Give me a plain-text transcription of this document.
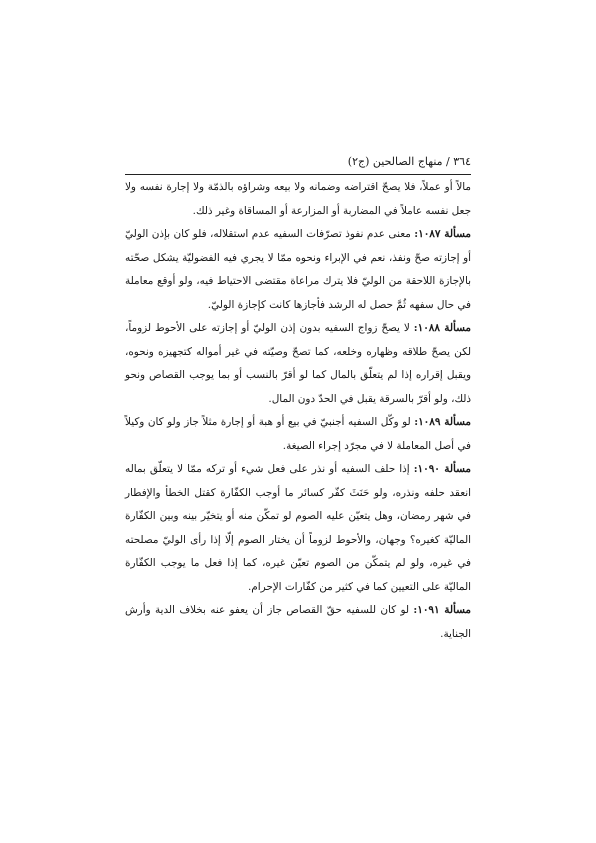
٣٦٤ / منهاج الصالحين (ج٢)

مالاً أو عملاً، فلا يصحّ اقتراضه وضمانه ولا بيعه وشراؤه بالذمّة ولا إجارة نفسه ولا جعل نفسه عاملاً في المضاربة أو المزارعة أو المساقاة وغير ذلك.

مسألة ١٠٨٧: معنى عدم نفوذ تصرّفات السفيه عدم استقلاله، فلو كان بإذن الوليّ أو إجازته صحّ ونفذ، نعم في الإبراء ونحوه ممّا لا يجري فيه الفضوليّة يشكل صحّته بالإجازة اللاحقة من الوليّ فلا يترك مراعاة مقتضى الاحتياط فيه، ولو أوقع معاملة في حال سفهه ثُمَّ حصل له الرشد فأجازها كانت كإجازة الوليّ.

مسألة ١٠٨٨: لا يصحّ زواج السفيه بدون إذن الوليّ أو إجازته على الأحوط لزوماً، لكن يصحّ طلاقه وظهاره وخلعه، كما تصحّ وصيّته في غير أمواله كتجهيزه ونحوه، ويقبل إقراره إذا لم يتعلّق بالمال كما لو أقرّ بالنسب أو بما يوجب القصاص ونحو ذلك، ولو أقرّ بالسرقة يقبل في الحدّ دون المال.

مسألة ١٠٨٩: لو وكّل السفيه أجنبيّ في بيع أو هبة أو إجارة مثلاً جاز ولو كان وكيلاً في أصل المعاملة لا في مجرّد إجراء الصيغة.

مسألة ١٠٩٠: إذا حلف السفيه أو نذر على فعل شيء أو تركه ممّا لا يتعلّق بماله انعقد حلفه ونذره، ولو حَنَثَ كفّر كسائر ما أوجب الكفّارة كقتل الخطأ والإفطار في شهر رمضان، وهل يتعيّن عليه الصوم لو تمكّن منه أو يتخيّر بينه وبين الكفّارة الماليّة كغيره؟ وجهان، والأحوط لزوماً أن يختار الصوم إلّا إذا رأى الوليّ مصلحته في غيره، ولو لم يتمكّن من الصوم تعيّن غيره، كما إذا فعل ما يوجب الكفّارة الماليّة على التعيين كما في كثير من كفّارات الإحرام.

مسألة ١٠٩١: لو كان للسفيه حقّ القصاص جاز أن يعفو عنه بخلاف الدية وأرش الجناية.
